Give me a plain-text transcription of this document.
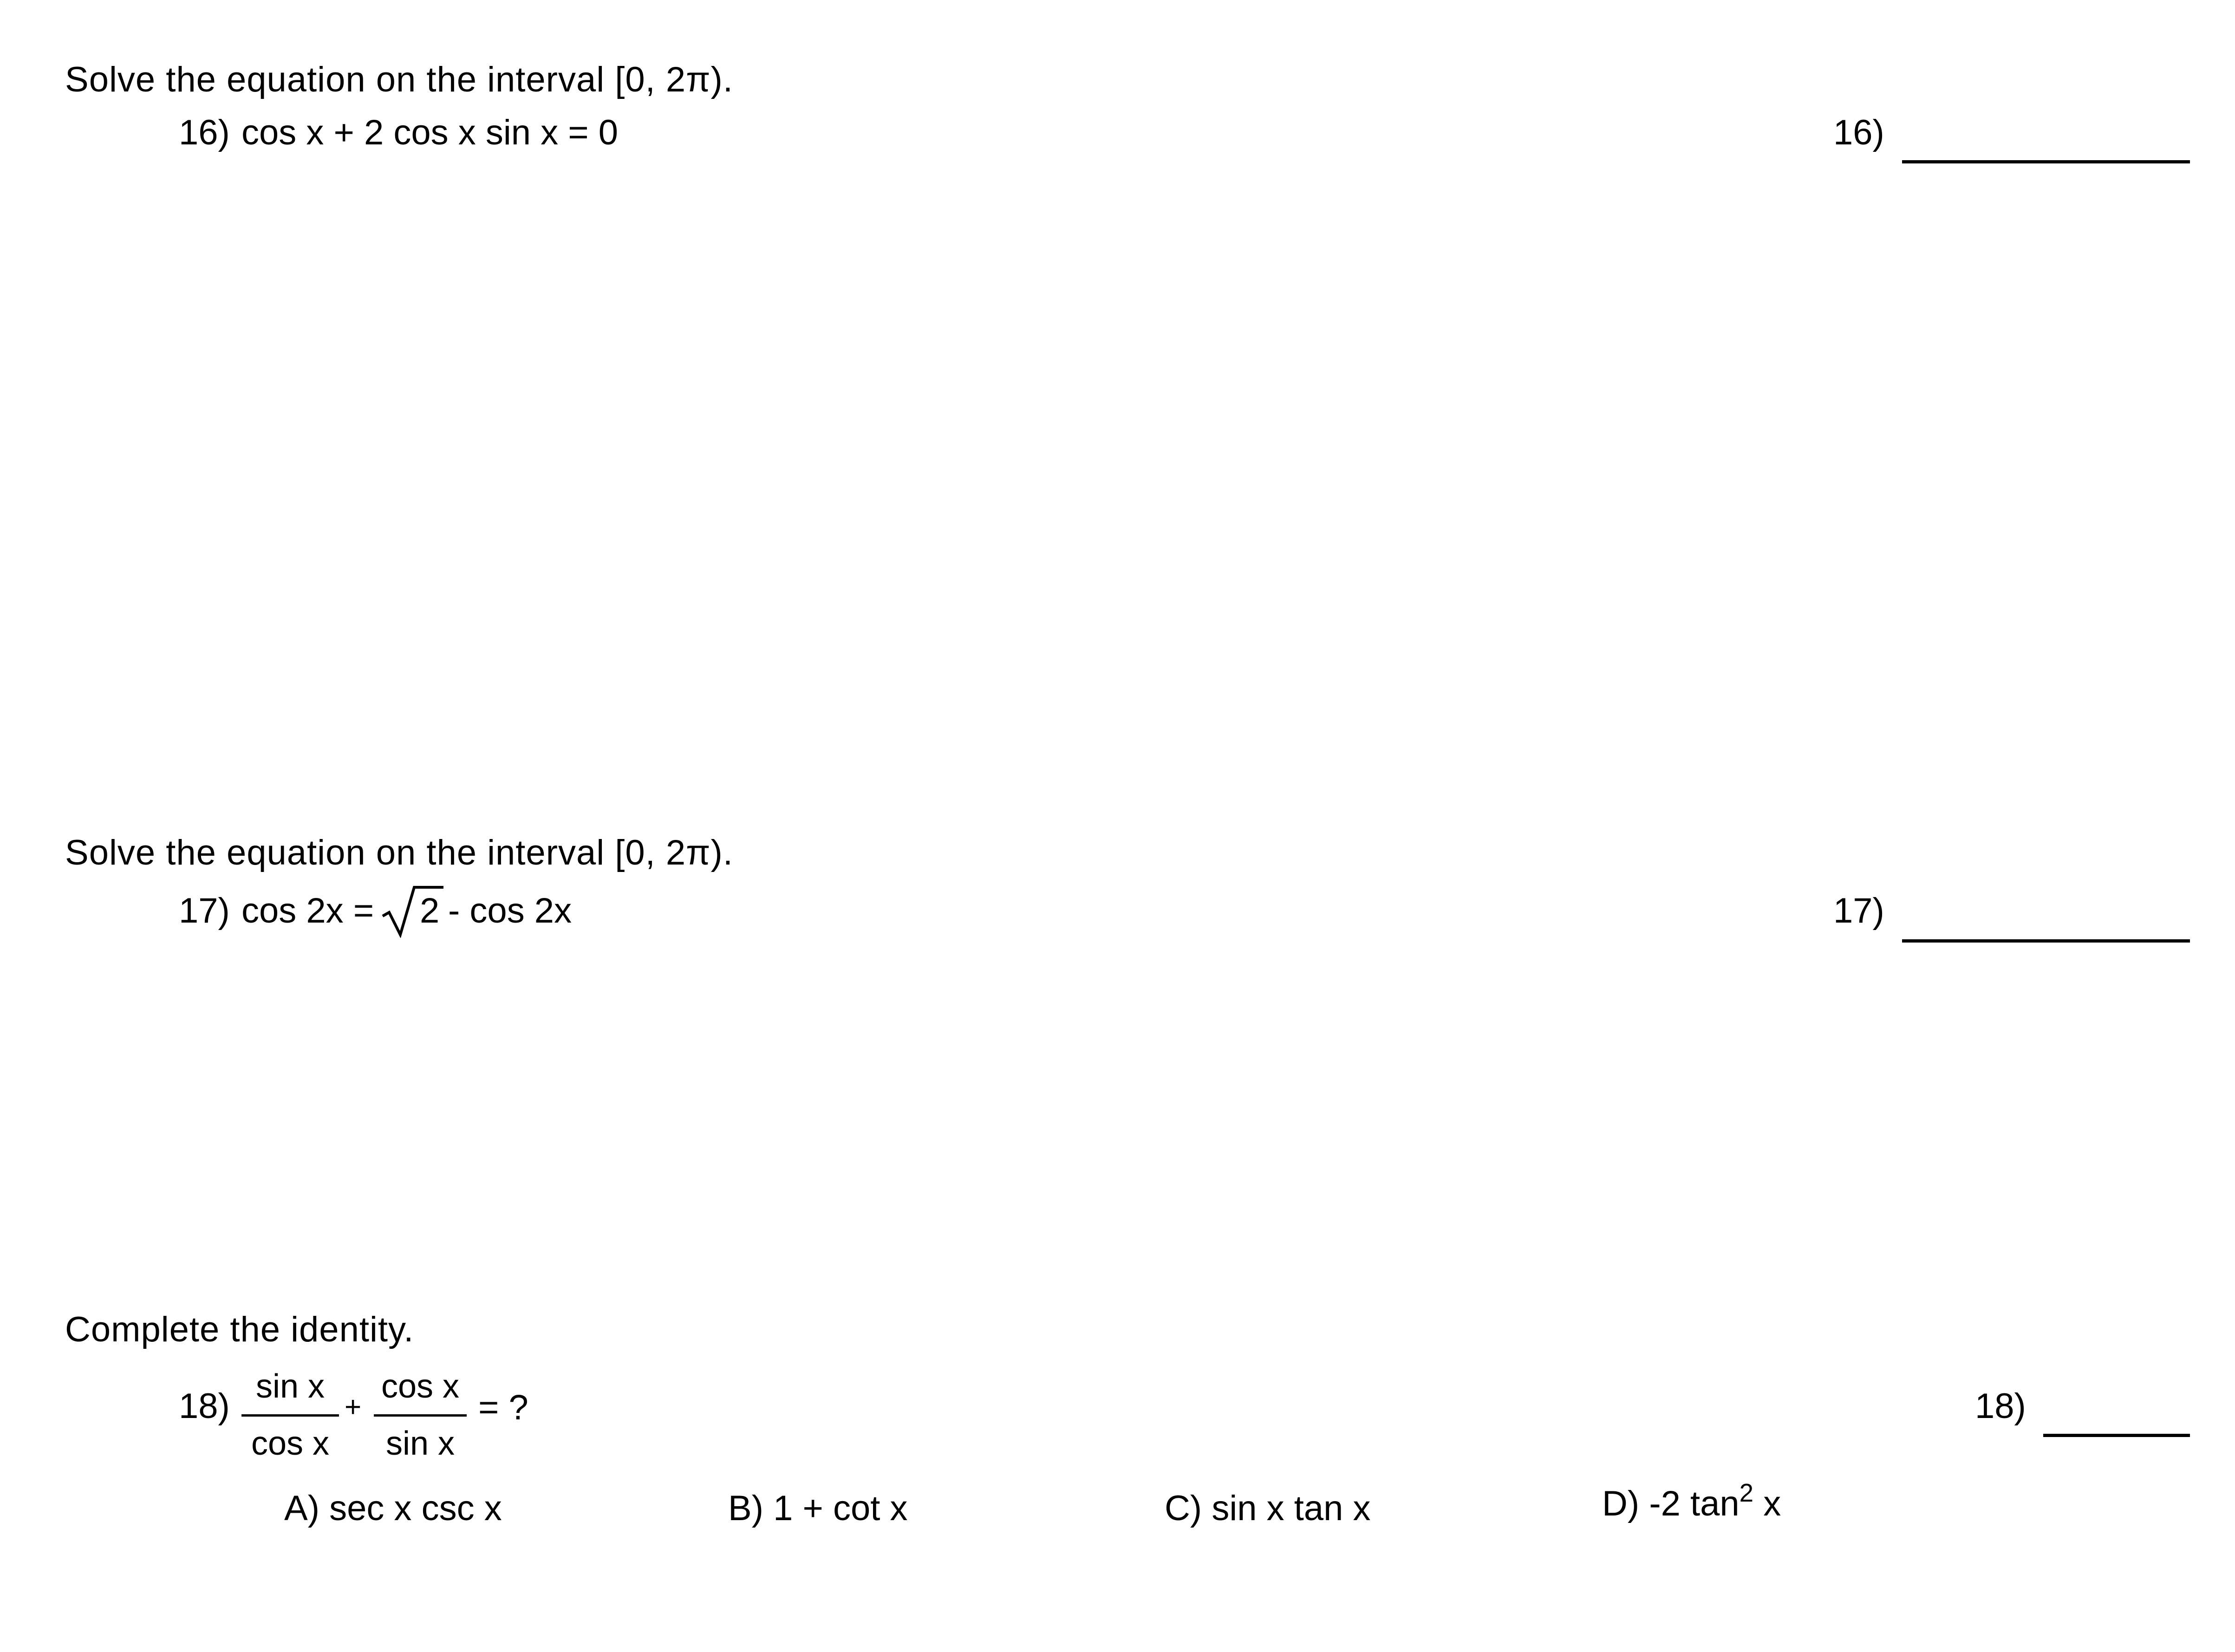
Solve the equation on the interval [0, 2π).
16) cos x + 2 cos x sin x = 0	16)
Solve the equation on the interval [0, 2π).
17) cos 2x = 2 - cos 2x	17)
Complete the identity.
18) sin x
cos x
+
cos x
sin x
= ?	18)
A) sec x csc x	B) 1 + cot x	C) sin x tan x	D) -2 $\tan^2 x$
